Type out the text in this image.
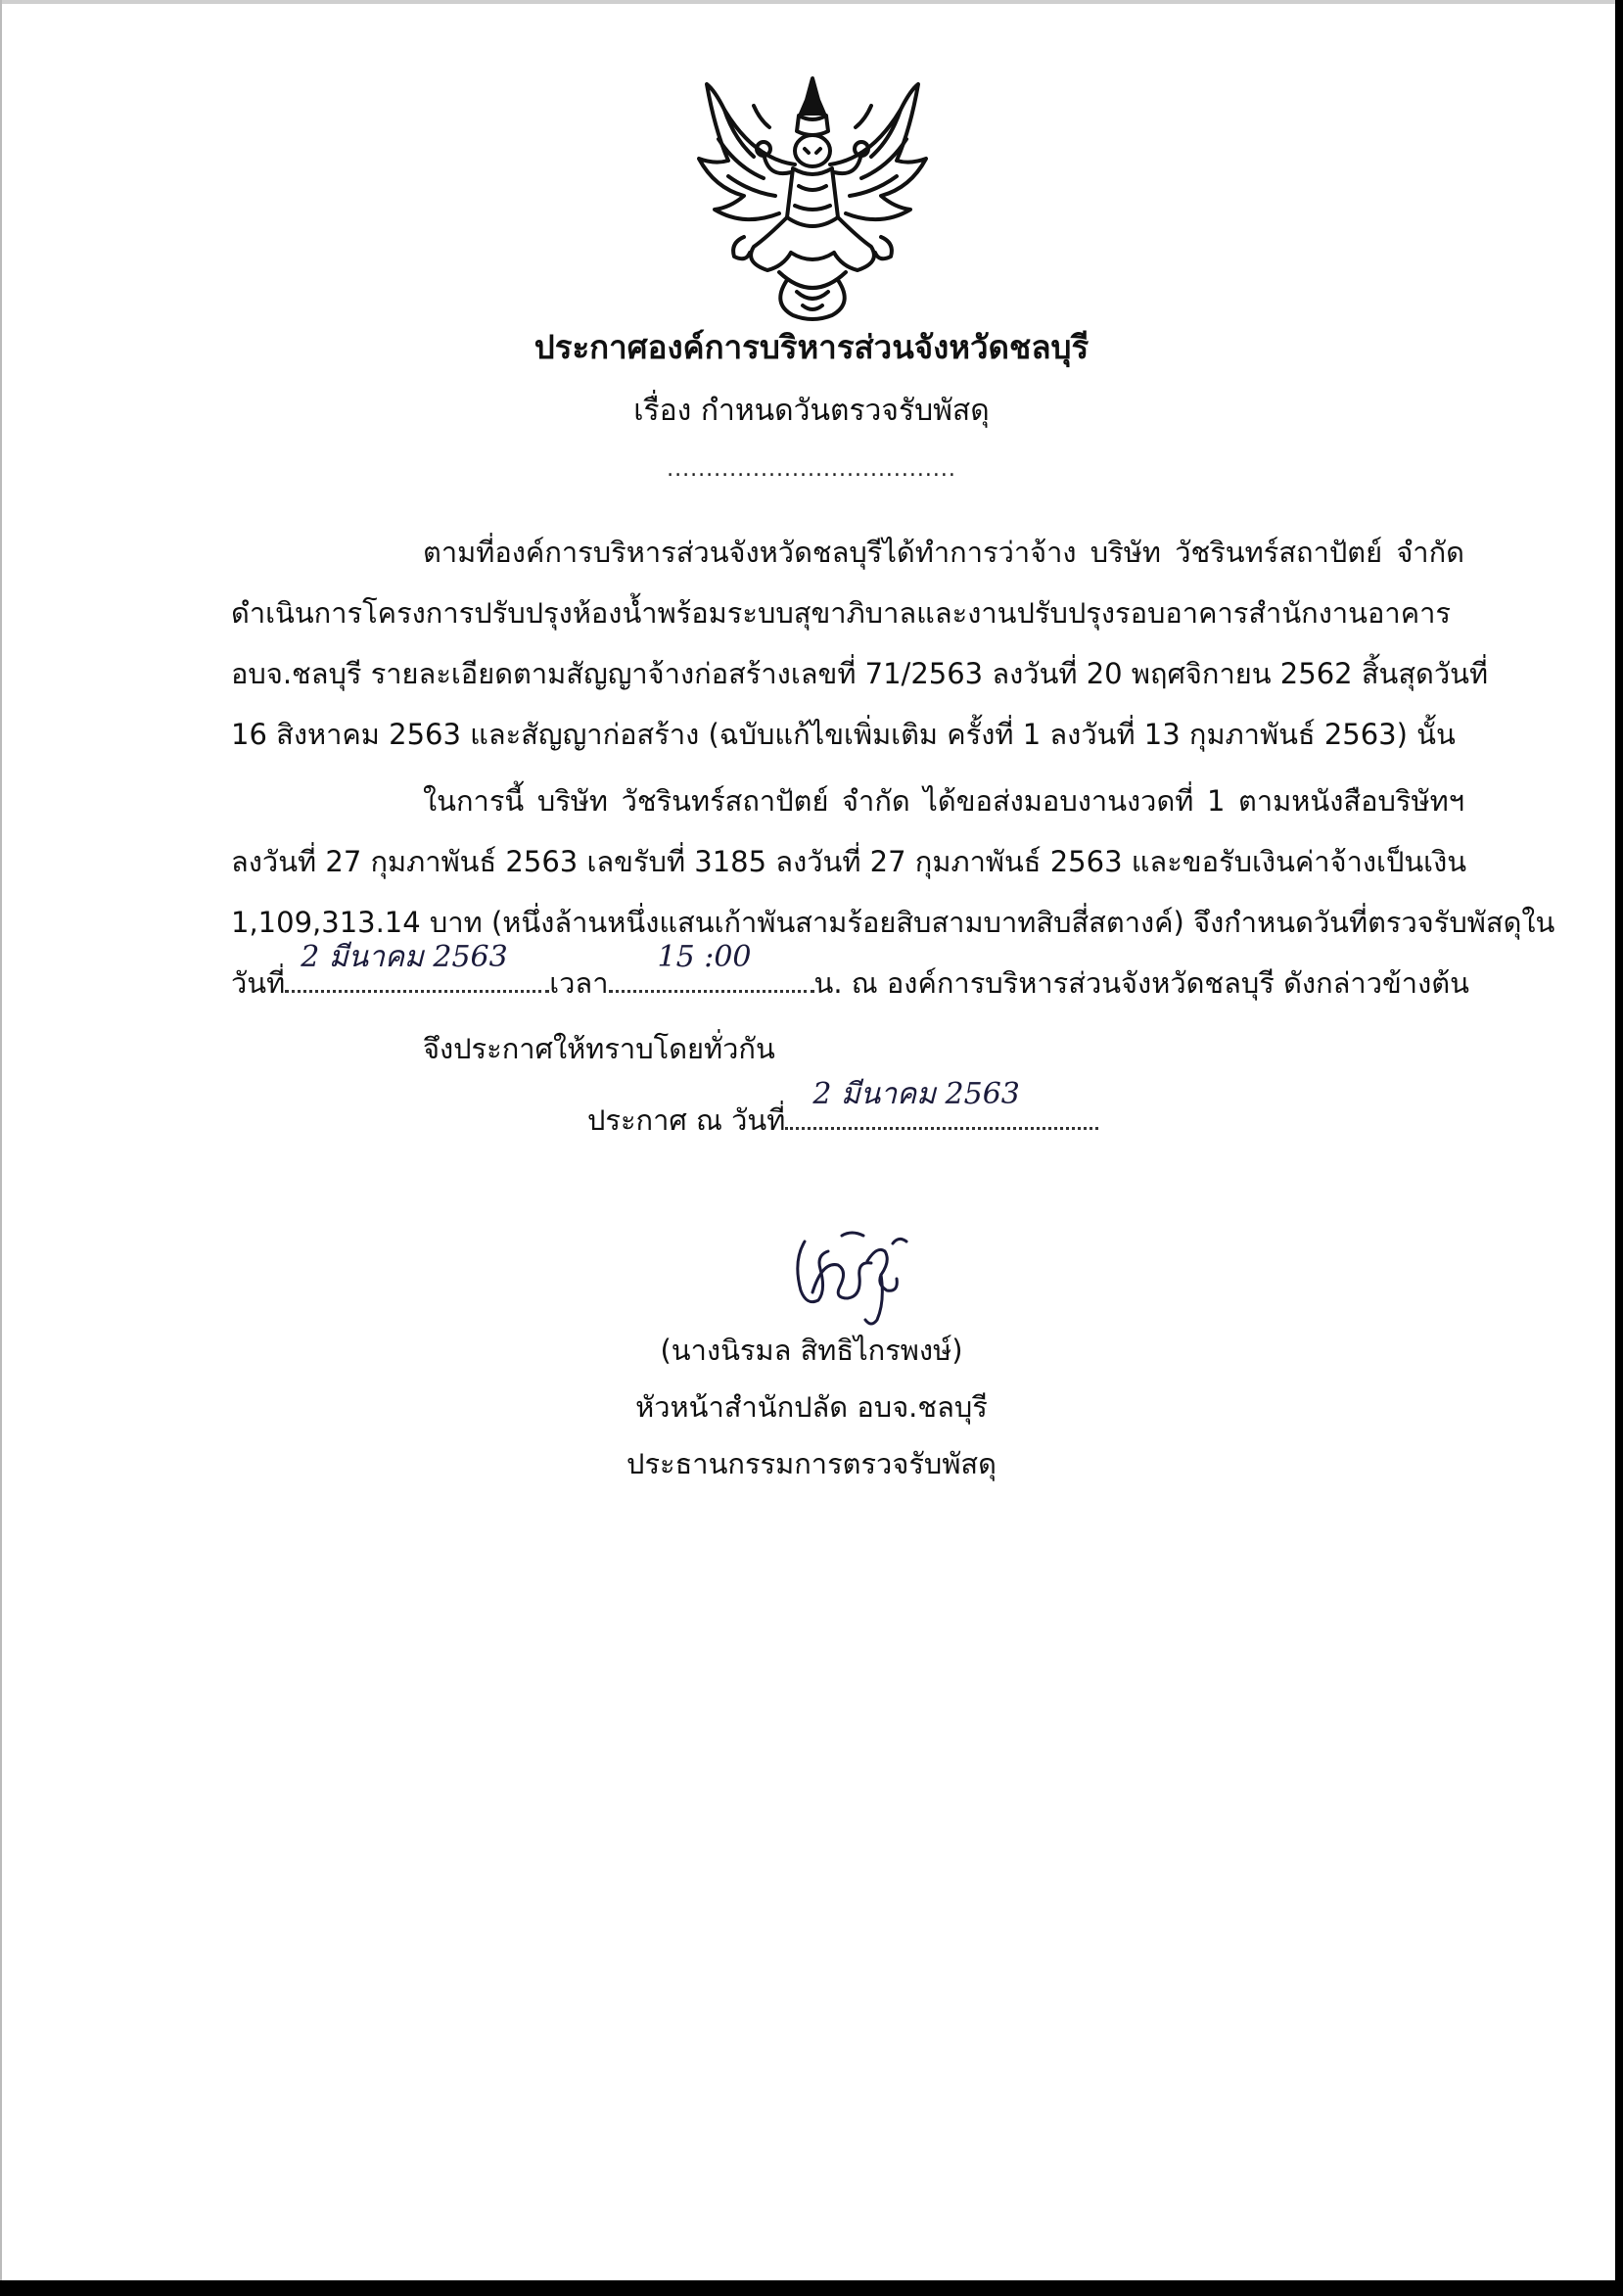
ประกาศองค์การบริหารส่วนจังหวัดชลบุรี
เรื่อง กำหนดวันตรวจรับพัสดุ
.....................................
ตามที่องค์การบริหารส่วนจังหวัดชลบุรีได้ทำการว่าจ้าง บริษัท วัชรินทร์สถาปัตย์ จำกัด
ดำเนินการโครงการปรับปรุงห้องน้ำพร้อมระบบสุขาภิบาลและงานปรับปรุงรอบอาคารสำนักงานอาคาร
อบจ.ชลบุรี รายละเอียดตามสัญญาจ้างก่อสร้างเลขที่ 71/2563 ลงวันที่ 20 พฤศจิกายน 2562 สิ้นสุดวันที่
16 สิงหาคม 2563 และสัญญาก่อสร้าง (ฉบับแก้ไขเพิ่มเติม ครั้งที่ 1 ลงวันที่ 13 กุมภาพันธ์ 2563) นั้น
ในการนี้ บริษัท วัชรินทร์สถาปัตย์ จำกัด ได้ขอส่งมอบงานงวดที่ 1 ตามหนังสือบริษัทฯ
ลงวันที่ 27 กุมภาพันธ์ 2563 เลขรับที่ 3185 ลงวันที่ 27 กุมภาพันธ์ 2563 และขอรับเงินค่าจ้างเป็นเงิน
1,109,313.14 บาท (หนึ่งล้านหนึ่งแสนเก้าพันสามร้อยสิบสามบาทสิบสี่สตางค์) จึงกำหนดวันที่ตรวจรับพัสดุใน
วันที่
2 มีนาคม 2563
เวลา
15 :00
น. ณ องค์การบริหารส่วนจังหวัดชลบุรี ดังกล่าวข้างต้น
จึงประกาศให้ทราบโดยทั่วกัน
ประกาศ ณ วันที่
2 มีนาคม 2563
(นางนิรมล สิทธิไกรพงษ์)
หัวหน้าสำนักปลัด อบจ.ชลบุรี
ประธานกรรมการตรวจรับพัสดุ
